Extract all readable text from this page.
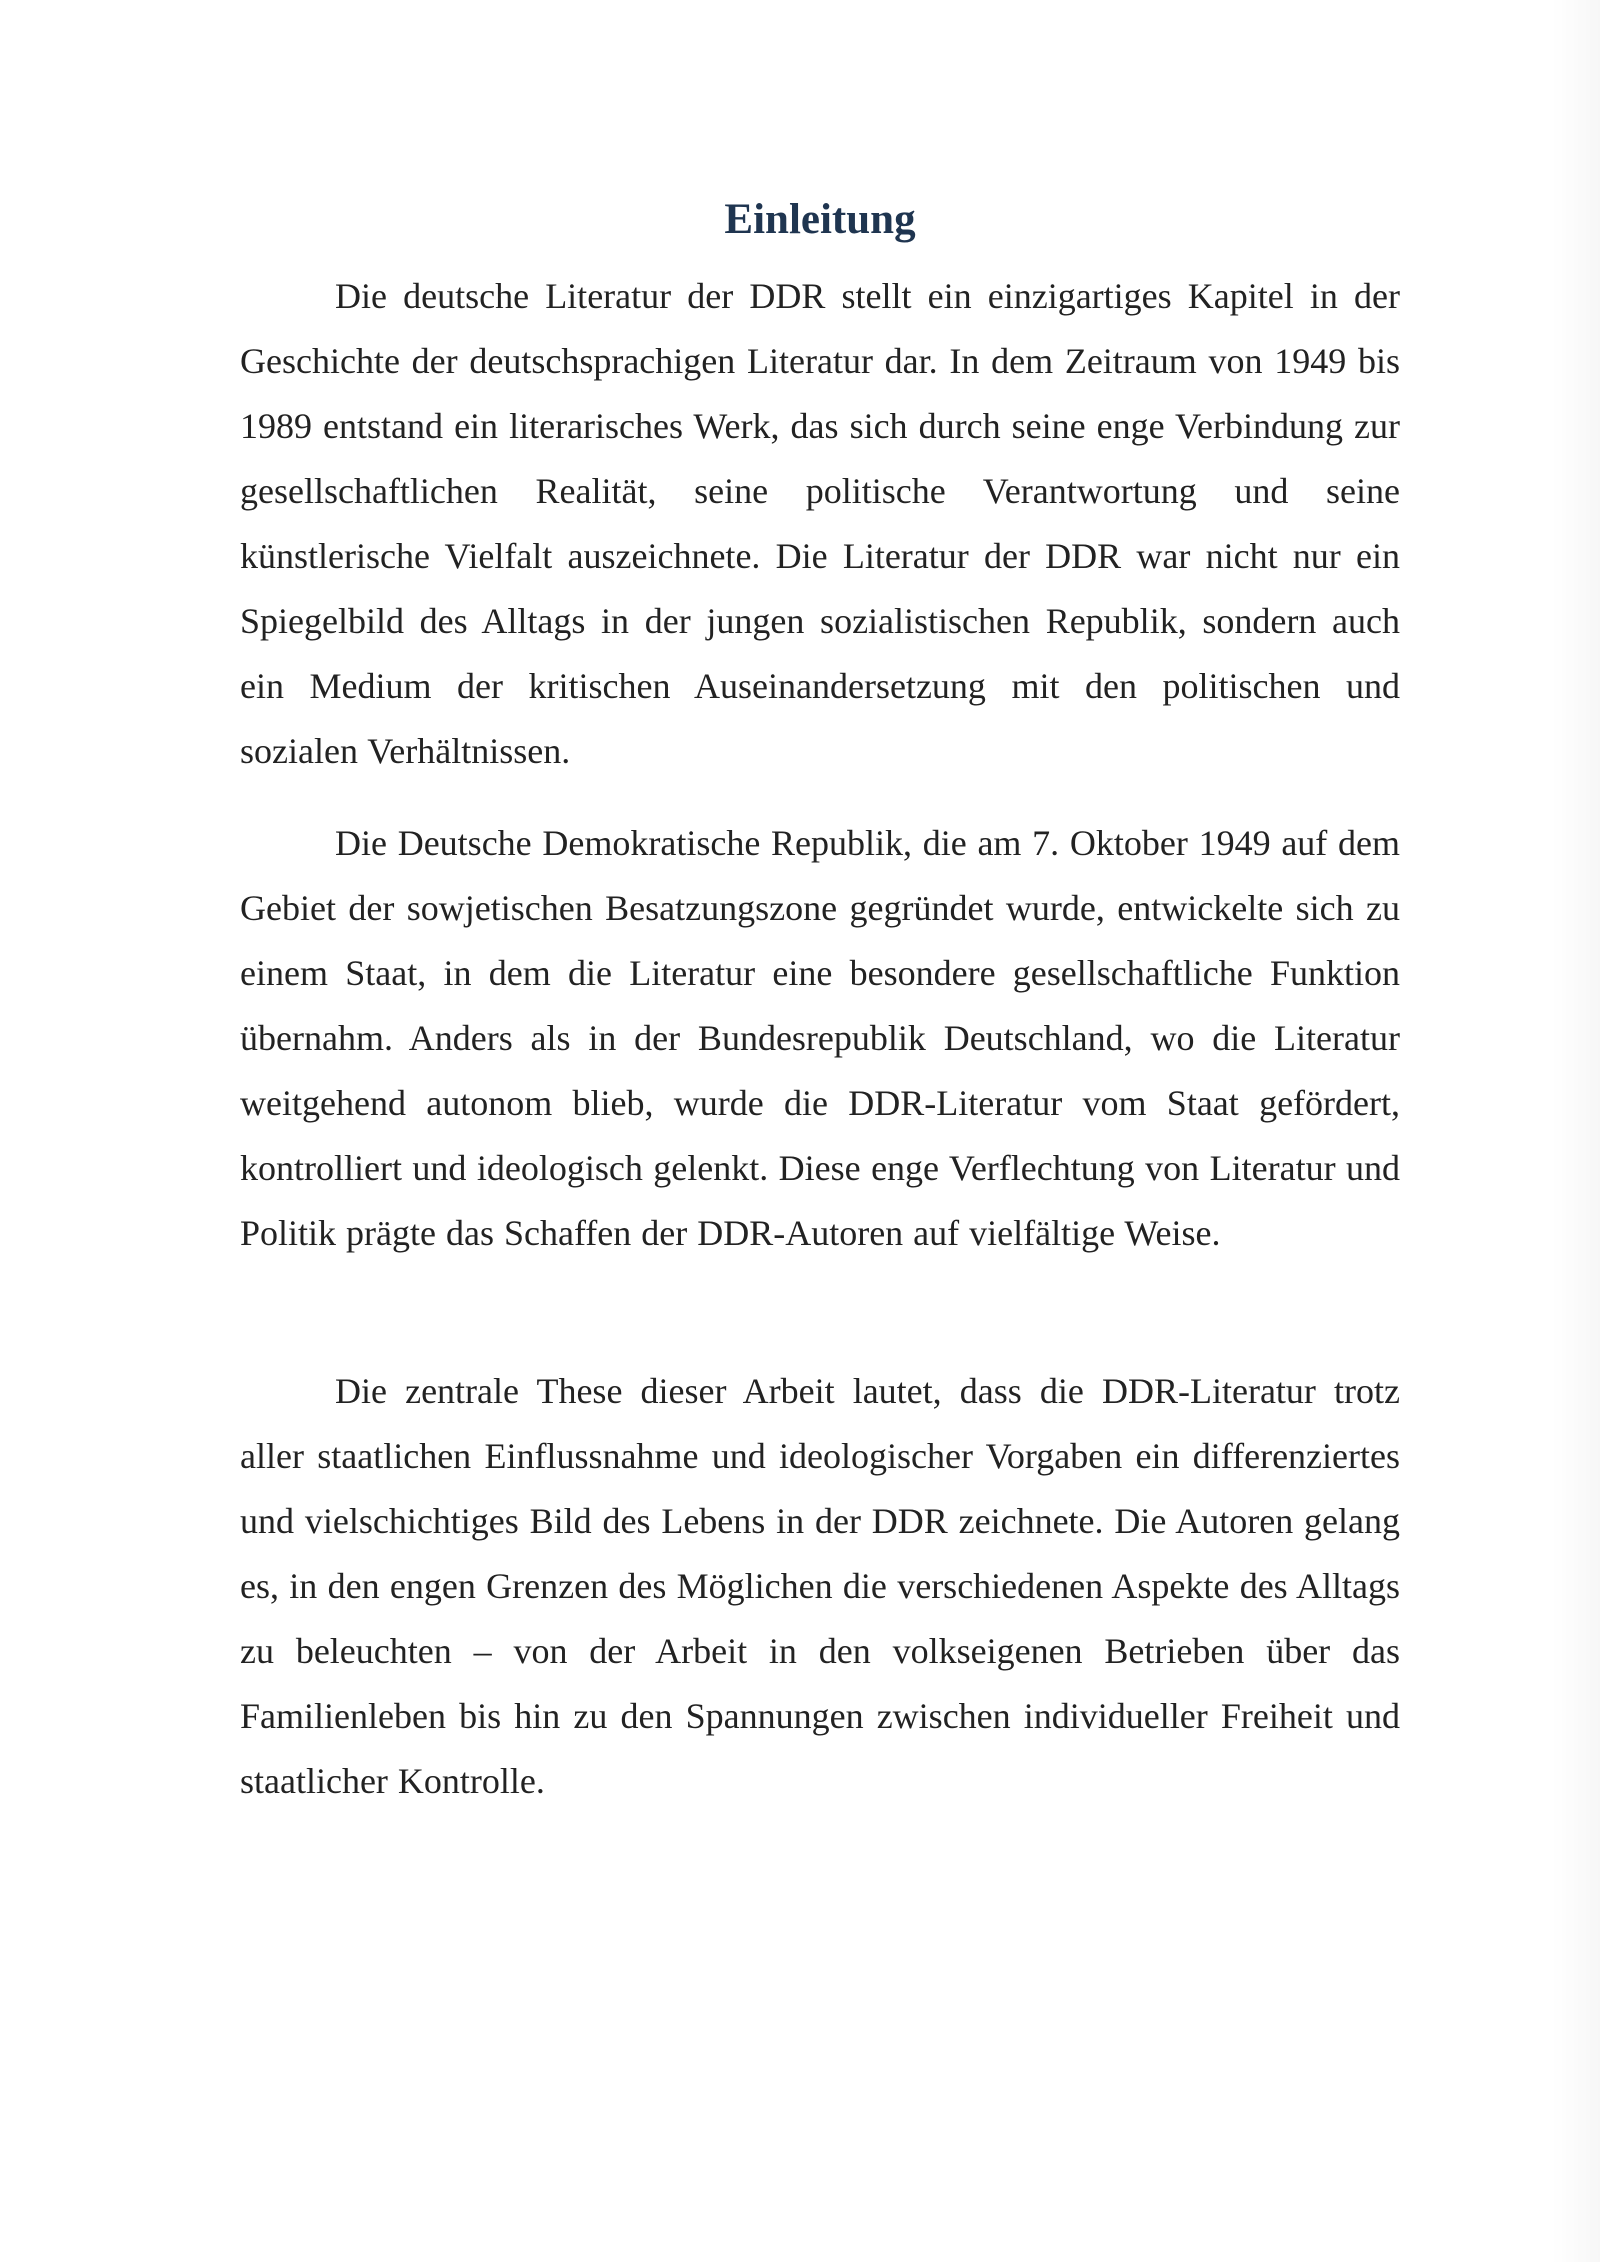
Einleitung

Die deutsche Literatur der DDR stellt ein einzigartiges Kapitel in der Geschichte der deutschsprachigen Literatur dar. In dem Zeitraum von 1949 bis 1989 entstand ein literarisches Werk, das sich durch seine enge Verbindung zur gesellschaftlichen Realität, seine politische Verantwortung und seine künstlerische Vielfalt auszeichnete. Die Literatur der DDR war nicht nur ein Spiegelbild des Alltags in der jungen sozialistischen Republik, sondern auch ein Medium der kritischen Auseinandersetzung mit den politischen und sozialen Verhältnissen.

Die Deutsche Demokratische Republik, die am 7. Oktober 1949 auf dem Gebiet der sowjetischen Besatzungszone gegründet wurde, entwickelte sich zu einem Staat, in dem die Literatur eine besondere gesellschaftliche Funktion übernahm. Anders als in der Bundesrepublik Deutschland, wo die Literatur weitgehend autonom blieb, wurde die DDR-Literatur vom Staat gefördert, kontrolliert und ideologisch gelenkt. Diese enge Verflechtung von Literatur und Politik prägte das Schaffen der DDR-Autoren auf vielfältige Weise.

Die zentrale These dieser Arbeit lautet, dass die DDR-Literatur trotz aller staatlichen Einflussnahme und ideologischer Vorgaben ein differenziertes und vielschichtiges Bild des Lebens in der DDR zeichnete. Die Autoren gelang es, in den engen Grenzen des Möglichen die verschiedenen Aspekte des Alltags zu beleuchten – von der Arbeit in den volkseigenen Betrieben über das Familienleben bis hin zu den Spannungen zwischen individueller Freiheit und staatlicher Kontrolle.
